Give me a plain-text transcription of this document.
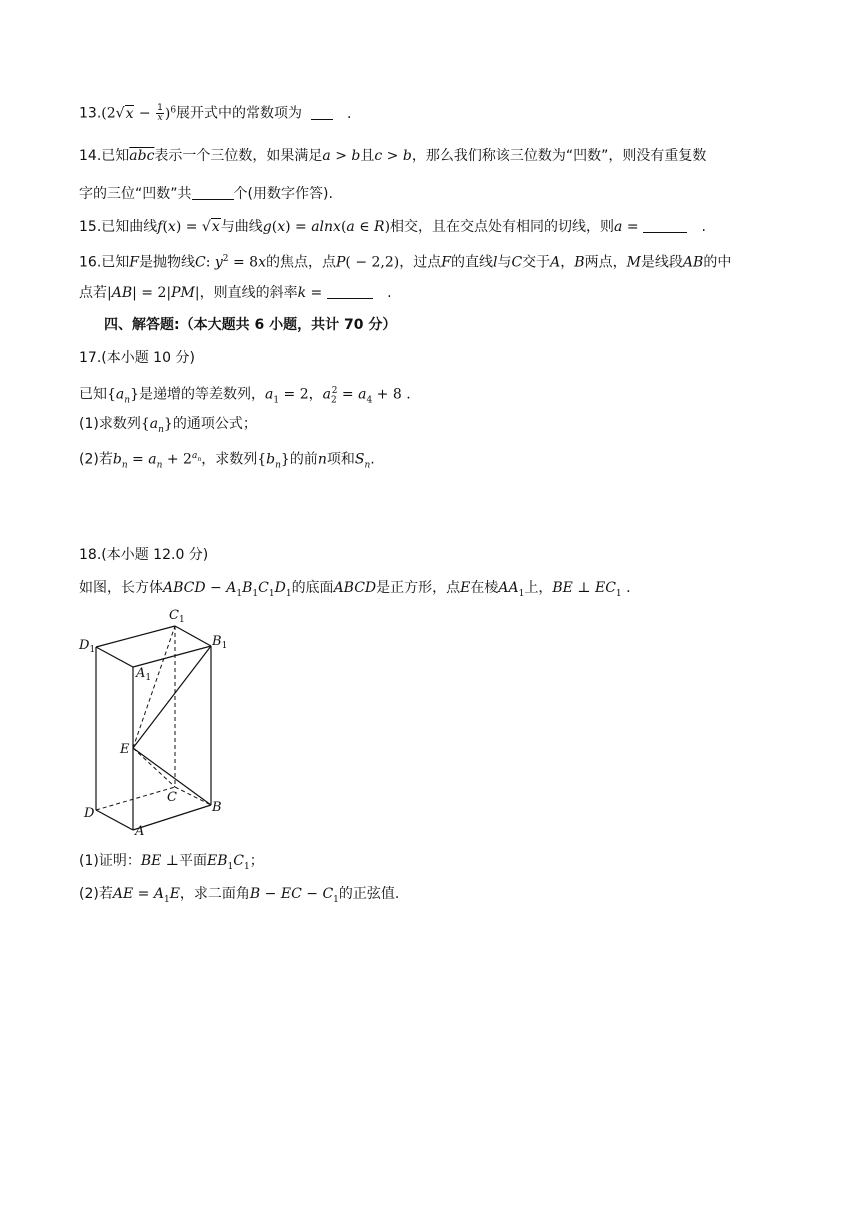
$13.(2√x - \frac{1}{x} )^6$展开式中的常数项为	.
14.已知$\overline{abc}$表示一个三位数，如果满足a > b且c > b，那么我们称该三位数为“凹数”，则没有重复数
字的三位“凹数”共	个(用数字作答).
15.已知曲线f(x) = √x与曲线g(x) = alnx(a ∈ R)相交，且在交点处有相同的切线，则a =	.
16.已知F是抛物线C: $y^2 = 8x$的焦点，点P( − 2,2)，过点F的直线l与C交于A，B两点，M是线段AB的中
点若|AB| = 2|PM|，则直线的斜率k =	.
四、解答题:（本大题共 6 小题，共计 70 分）
17.(本小题 10 分)
已知$\{a_n\}$是递增的等差数列，$a_1 = 2$，$a_2^2 = a_4 + 8$ .
(1)求数列$\{a_n\}$的通项公式；
(2)若$b_n = a_n + 2^{a_n}$，求数列$\{b_n\}$的前n项和$S_n$.
18.(本小题 12.0 分)
如图，长方体ABCD − $A_1B_1C_1D_1$的底面ABCD是正方形，点E在棱$AA_1$上，BE ⊥ $EC_1$ .
$C_1$
$D_1$
$B_1$
$A_1$
E
C
B
D
A
(1)证明：BE ⊥平面$EB_1C_1$；
(2)若AE = $A_1E$，求二面角B − EC − $C_1$的正弦值.
